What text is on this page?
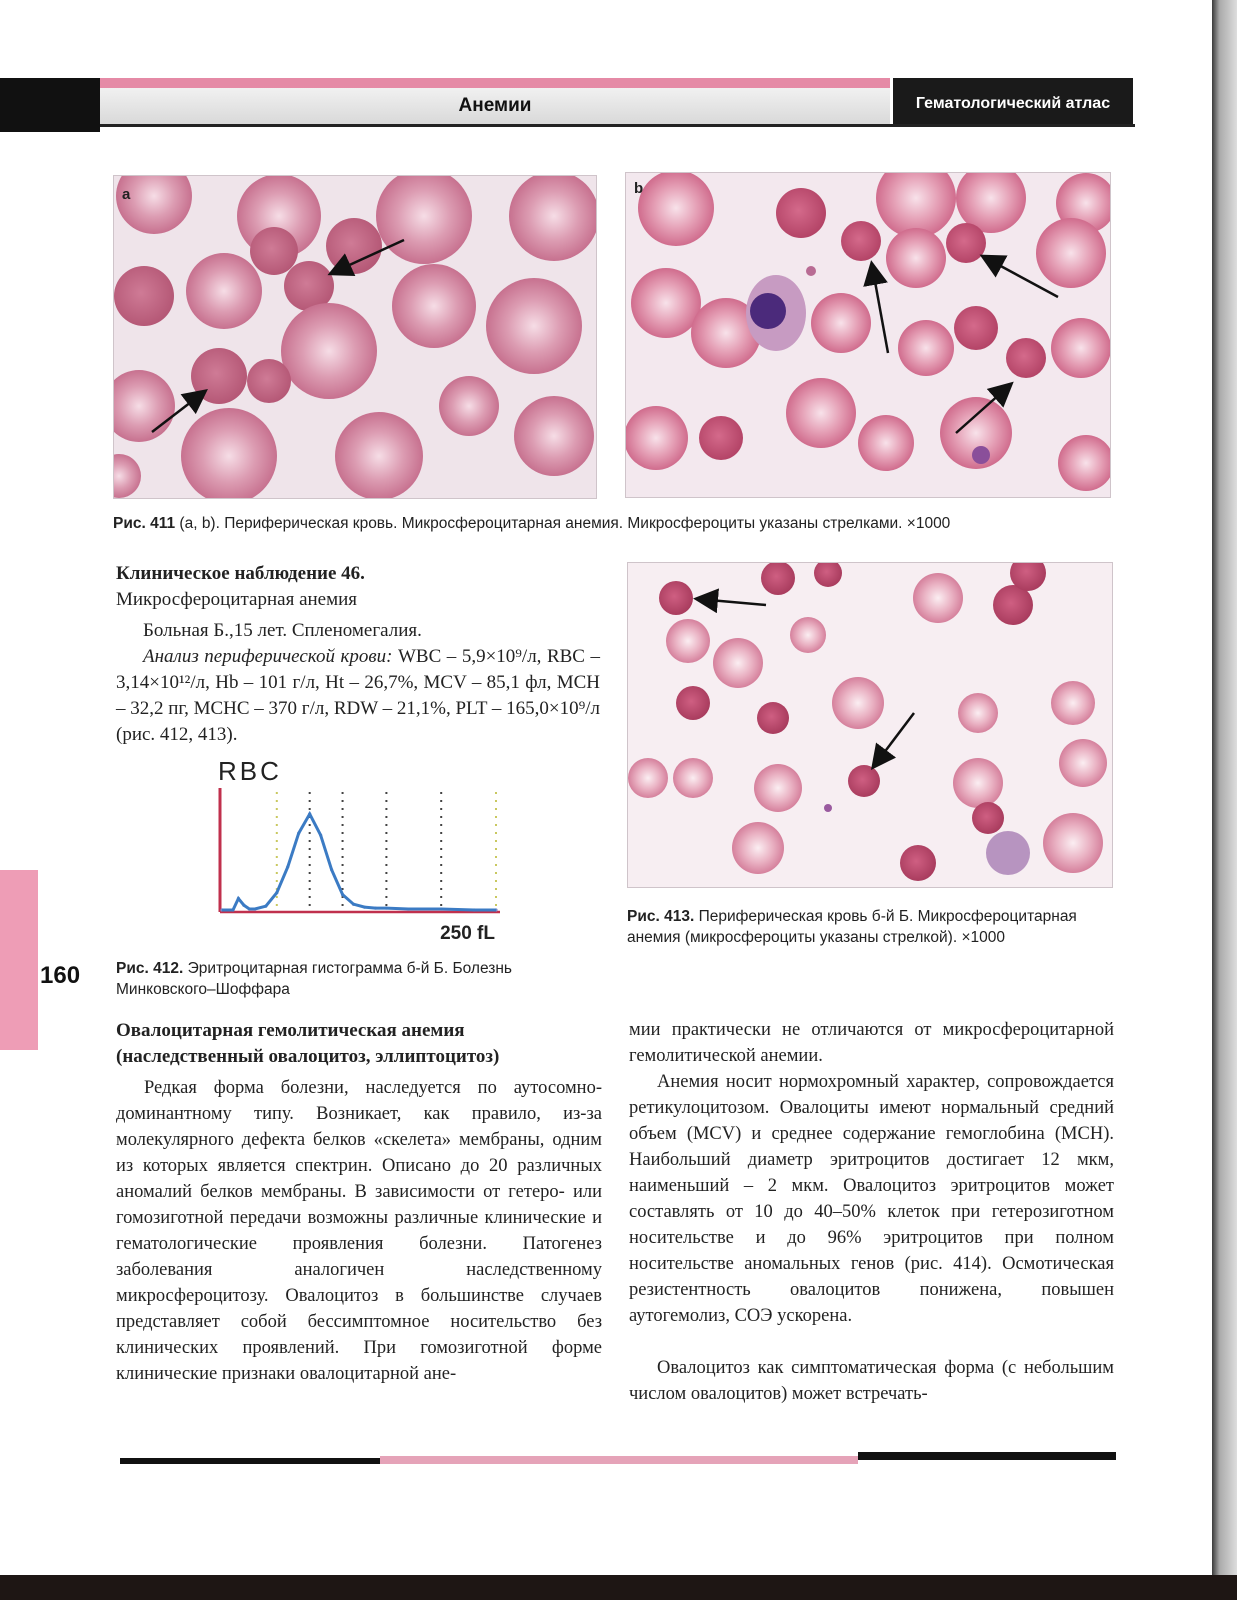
Анемии	Гематологический атлас
a	b
Рис. 411 (a, b). Периферическая кровь. Микросфероцитарная анемия. Микросфероциты указаны стрелками. ×1000
Клиническое наблюдение 46.
Микросфероцитарная анемия
Больная Б.,15 лет. Спленомегалия.
Анализ периферической крови: WBC – 5,9×10⁹/л, RBC – 3,14×10¹²/л, Hb – 101 г/л, Ht – 26,7%, MCV – 85,1 фл, MCH – 32,2 пг, MCHC – 370 г/л, RDW – 21,1%, PLT – 165,0×10⁹/л (рис. 412, 413).
RBC
250 fL
160 Рис. 412. Эритроцитарная гистограмма б-й Б. Болезнь Минковского–Шоффара
Рис. 413. Периферическая кровь б-й Б. Микросфероцитарная анемия (микросфероциты указаны стрелкой). ×1000
Овалоцитарная гемолитическая анемия
(наследственный овалоцитоз, эллиптоцитоз)
Редкая форма болезни, наследуется по аутосомно-доминантному типу. Возникает, как правило, из-за молекулярного дефекта белков «скелета» мембраны, одним из которых является спектрин. Описано до 20 различных аномалий белков мембраны. В зависимости от гетеро- или гомозиготной передачи возможны различные клинические и гематологические проявления болезни. Патогенез заболевания аналогичен наследственному микросфероцитозу. Овалоцитоз в большинстве случаев представляет собой бессимптомное носительство без клинических проявлений. При гомозиготной форме клинические признаки овалоцитарной ане-
мии практически не отличаются от микросфероцитарной гемолитической анемии.
Анемия носит нормохромный характер, сопровождается ретикулоцитозом. Овалоциты имеют нормальный средний объем (MCV) и среднее содержание гемоглобина (MCH). Наибольший диаметр эритроцитов достигает 12 мкм, наименьший – 2 мкм. Овалоцитоз эритроцитов может составлять от 10 до 40–50% клеток при гетерозиготном носительстве и до 96% эритроцитов при полном носительстве аномальных генов (рис. 414). Осмотическая резистентность овалоцитов понижена, повышен аутогемолиз, СОЭ ускорена.
Овалоцитоз как симптоматическая форма (с небольшим числом овалоцитов) может встречать-
